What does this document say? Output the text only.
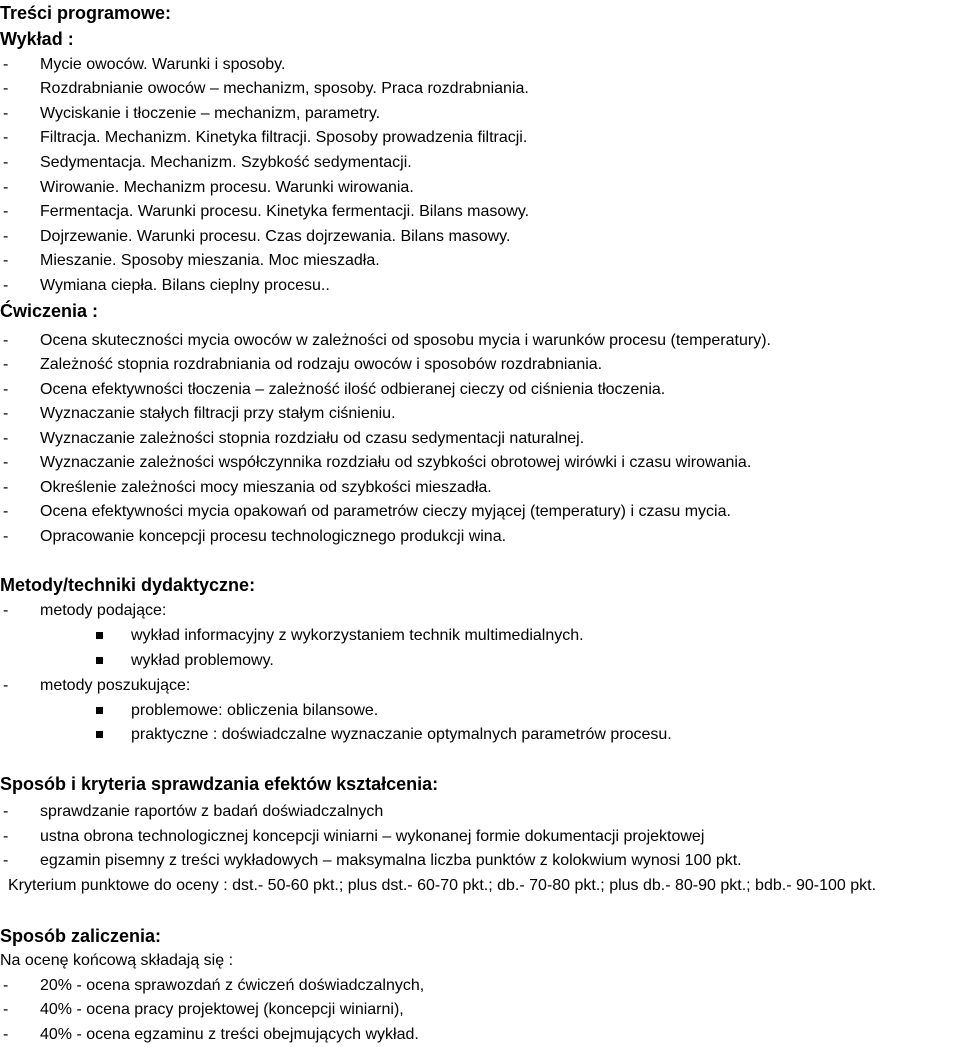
Treści programowe:
Wykład :
- Mycie owoców. Warunki i sposoby.
- Rozdrabnianie owoców – mechanizm, sposoby. Praca rozdrabniania.
- Wyciskanie i tłoczenie – mechanizm, parametry.
- Filtracja. Mechanizm. Kinetyka filtracji. Sposoby prowadzenia filtracji.
- Sedymentacja. Mechanizm. Szybkość sedymentacji.
- Wirowanie. Mechanizm procesu. Warunki wirowania.
- Fermentacja. Warunki procesu. Kinetyka fermentacji. Bilans masowy.
- Dojrzewanie. Warunki procesu. Czas dojrzewania. Bilans masowy.
- Mieszanie. Sposoby mieszania. Moc mieszadła.
- Wymiana ciepła. Bilans cieplny procesu..
Ćwiczenia :
- Ocena skuteczności mycia owoców w zależności od sposobu mycia i warunków procesu (temperatury).
- Zależność stopnia rozdrabniania od rodzaju owoców i sposobów rozdrabniania.
- Ocena efektywności tłoczenia – zależność ilość odbieranej cieczy od ciśnienia tłoczenia.
- Wyznaczanie stałych filtracji przy stałym ciśnieniu.
- Wyznaczanie zależności stopnia rozdziału od czasu sedymentacji naturalnej.
- Wyznaczanie zależności współczynnika rozdziału od szybkości obrotowej wirówki i czasu wirowania.
- Określenie zależności mocy mieszania od szybkości mieszadła.
- Ocena efektywności mycia opakowań od parametrów cieczy myjącej (temperatury) i czasu mycia.
- Opracowanie koncepcji procesu technologicznego produkcji wina.
Metody/techniki dydaktyczne:
- metody podające:
wykład informacyjny z wykorzystaniem technik multimedialnych.
wykład problemowy.
- metody poszukujące:
problemowe: obliczenia bilansowe.
praktyczne : doświadczalne wyznaczanie optymalnych parametrów procesu.
Sposób i kryteria sprawdzania efektów kształcenia:
- sprawdzanie raportów z badań doświadczalnych
- ustna obrona technologicznej koncepcji winiarni – wykonanej formie dokumentacji projektowej
- egzamin pisemny z treści wykładowych – maksymalna liczba punktów z kolokwium wynosi 100 pkt.
Kryterium punktowe do oceny : dst.- 50-60 pkt.; plus dst.- 60-70 pkt.; db.- 70-80 pkt.; plus db.- 80-90 pkt.; bdb.- 90-100 pkt.
Sposób zaliczenia:
Na ocenę końcową składają się :
- 20% - ocena sprawozdań z ćwiczeń doświadczalnych,
- 40% - ocena pracy projektowej (koncepcji winiarni),
- 40% - ocena egzaminu z treści obejmujących wykład.
